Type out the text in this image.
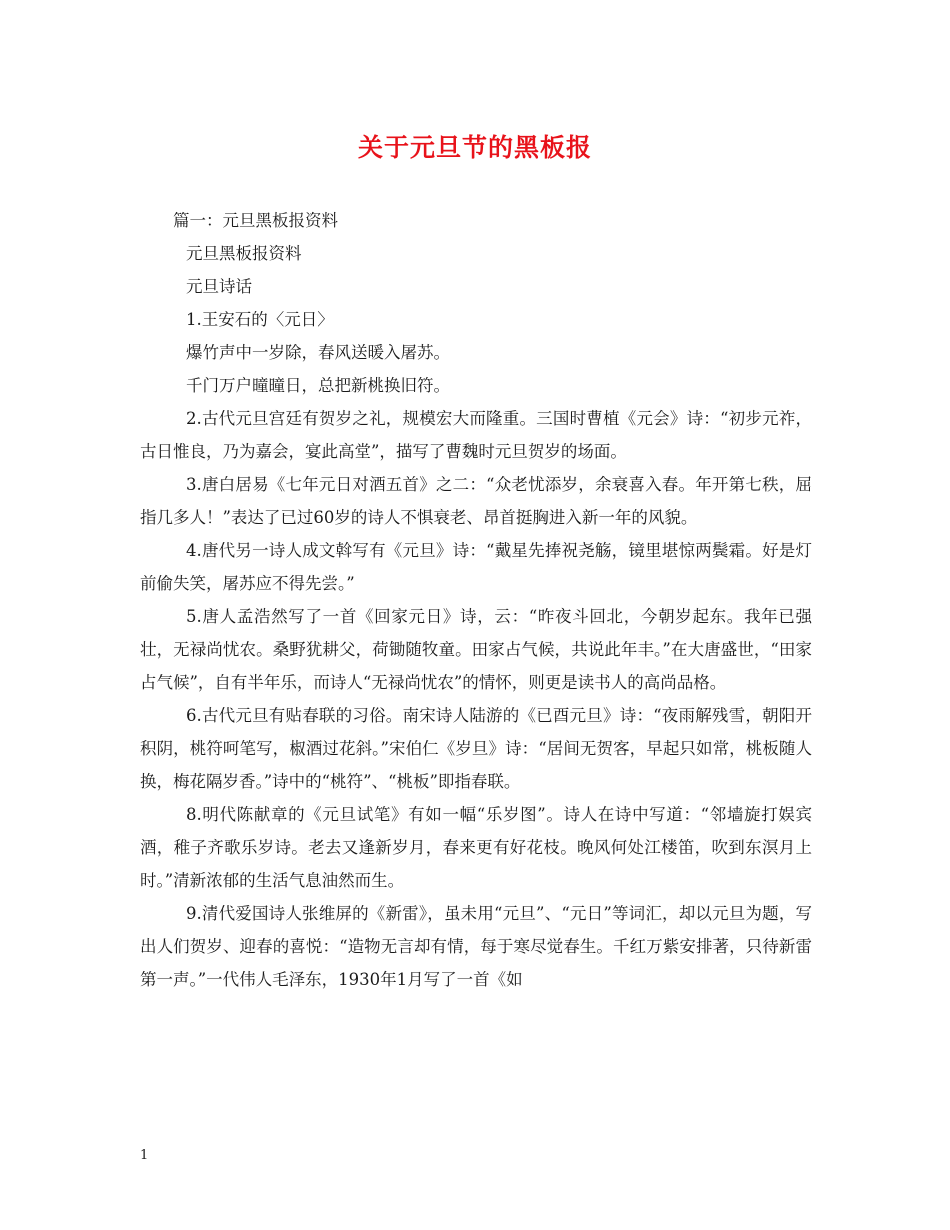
关于元旦节的黑板报

篇一：元旦黑板报资料

元旦黑板报资料

元旦诗话

1.王安石的〈元日〉

爆竹声中一岁除，春风送暖入屠苏。

千门万户曈曈日，总把新桃换旧符。

2.古代元旦宫廷有贺岁之礼，规模宏大而隆重。三国时曹植《元会》诗：“初步元祚，古日惟良，乃为嘉会，宴此高堂”，描写了曹魏时元旦贺岁的场面。

3.唐白居易《七年元日对酒五首》之二：“众老忧添岁，余衰喜入春。年开第七秩，屈指几多人！”表达了已过60岁的诗人不惧衰老、昂首挺胸进入新一年的风貌。

4.唐代另一诗人成文斡写有《元旦》诗：“戴星先捧祝尧觞，镜里堪惊两鬓霜。好是灯前偷失笑，屠苏应不得先尝。”

5.唐人孟浩然写了一首《回家元日》诗，云：“昨夜斗回北，今朝岁起东。我年已强壮，无禄尚忧农。桑野犹耕父，荷锄随牧童。田家占气候，共说此年丰。”在大唐盛世，“田家占气候”，自有半年乐，而诗人“无禄尚忧农”的情怀，则更是读书人的高尚品格。

6.古代元旦有贴春联的习俗。南宋诗人陆游的《已酉元旦》诗：“夜雨解残雪，朝阳开积阴，桃符呵笔写，椒酒过花斜。”宋伯仁《岁旦》诗：“居间无贺客，早起只如常，桃板随人换，梅花隔岁香。”诗中的“桃符”、“桃板”即指春联。

8.明代陈献章的《元旦试笔》有如一幅“乐岁图”。诗人在诗中写道：“邻墙旋打娱宾酒，稚子齐歌乐岁诗。老去又逢新岁月，春来更有好花枝。晚风何处江楼笛，吹到东溟月上时。”清新浓郁的生活气息油然而生。

9.清代爱国诗人张维屏的《新雷》，虽未用“元旦”、“元日”等词汇，却以元旦为题，写出人们贺岁、迎春的喜悦：“造物无言却有情，每于寒尽觉春生。千红万紫安排著，只待新雷第一声。”一代伟人毛泽东，1930年1月写了一首《如

1
